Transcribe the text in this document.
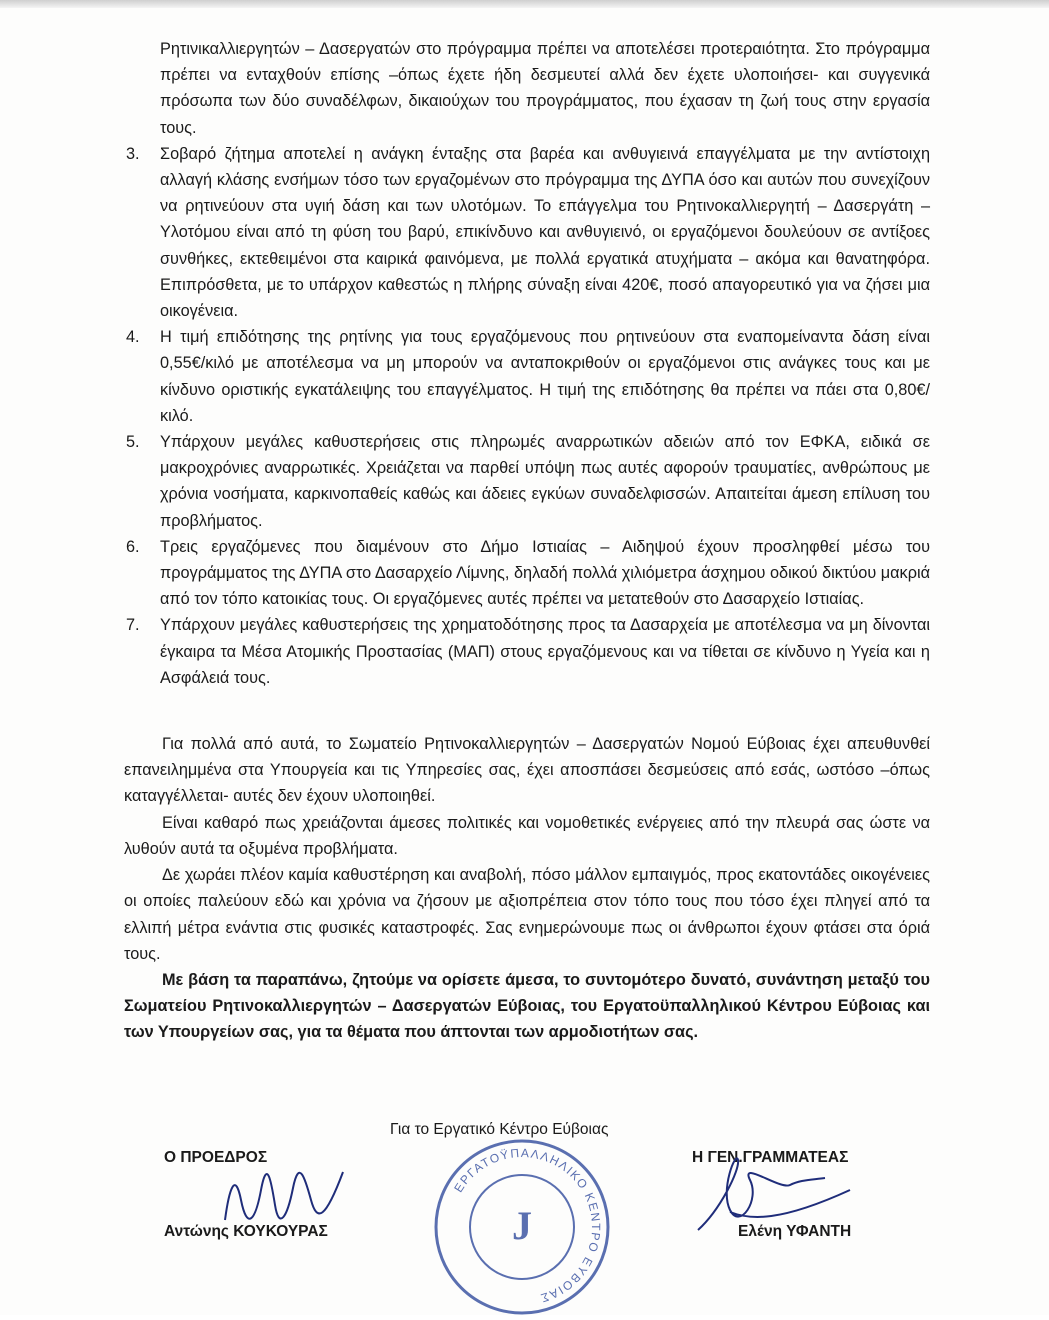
Ρητινικαλλιεργητών – Δασεργατών στο πρόγραμμα πρέπει να αποτελέσει προτεραιότητα. Στο πρόγραμμα πρέπει να ενταχθούν επίσης –όπως έχετε ήδη δεσμευτεί αλλά δεν έχετε υλοποιήσει- και συγγενικά πρόσωπα των δύο συναδέλφων, δικαιούχων του προγράμματος, που έχασαν τη ζωή τους στην εργασία τους.
3. Σοβαρό ζήτημα αποτελεί η ανάγκη ένταξης στα βαρέα και ανθυγιεινά επαγγέλματα με την αντίστοιχη αλλαγή κλάσης ενσήμων τόσο των εργαζομένων στο πρόγραμμα της ΔΥΠΑ όσο και αυτών που συνεχίζουν να ρητινεύουν στα υγιή δάση και των υλοτόμων. Το επάγγελμα του Ρητινοκαλλιεργητή – Δασεργάτη – Υλοτόμου είναι από τη φύση του βαρύ, επικίνδυνο και ανθυγιεινό, οι εργαζόμενοι δουλεύουν σε αντίξοες συνθήκες, εκτεθειμένοι στα καιρικά φαινόμενα, με πολλά εργατικά ατυχήματα – ακόμα και θανατηφόρα. Επιπρόσθετα, με το υπάρχον καθεστώς η πλήρης σύναξη είναι 420€, ποσό απαγορευτικό για να ζήσει μια οικογένεια.
4. Η τιμή επιδότησης της ρητίνης για τους εργαζόμενους που ρητινεύουν στα εναπομείναντα δάση είναι 0,55€/κιλό με αποτέλεσμα να μη μπορούν να ανταποκριθούν οι εργαζόμενοι στις ανάγκες τους και με κίνδυνο οριστικής εγκατάλειψης του επαγγέλματος. Η τιμή της επιδότησης θα πρέπει να πάει στα 0,80€/κιλό.
5. Υπάρχουν μεγάλες καθυστερήσεις στις πληρωμές αναρρωτικών αδειών από τον ΕΦΚΑ, ειδικά σε μακροχρόνιες αναρρωτικές. Χρειάζεται να παρθεί υπόψη πως αυτές αφορούν τραυματίες, ανθρώπους με χρόνια νοσήματα, καρκινοπαθείς καθώς και άδειες εγκύων συναδελφισσών. Απαιτείται άμεση επίλυση του προβλήματος.
6. Τρεις εργαζόμενες που διαμένουν στο Δήμο Ιστιαίας – Αιδηψού έχουν προσληφθεί μέσω του προγράμματος της ΔΥΠΑ στο Δασαρχείο Λίμνης, δηλαδή πολλά χιλιόμετρα άσχημου οδικού δικτύου μακριά από τον τόπο κατοικίας τους. Οι εργαζόμενες αυτές πρέπει να μετατεθούν στο Δασαρχείο Ιστιαίας.
7. Υπάρχουν μεγάλες καθυστερήσεις της χρηματοδότησης προς τα Δασαρχεία με αποτέλεσμα να μη δίνονται έγκαιρα τα Μέσα Ατομικής Προστασίας (ΜΑΠ) στους εργαζόμενους και να τίθεται σε κίνδυνο η Υγεία και η Ασφάλειά τους.

Για πολλά από αυτά, το Σωματείο Ρητινοκαλλιεργητών – Δασεργατών Νομού Εύβοιας έχει απευθυνθεί επανειλημμένα στα Υπουργεία και τις Υπηρεσίες σας, έχει αποσπάσει δεσμεύσεις από εσάς, ωστόσο –όπως καταγγέλλεται- αυτές δεν έχουν υλοποιηθεί.

Είναι καθαρό πως χρειάζονται άμεσες πολιτικές και νομοθετικές ενέργειες από την πλευρά σας ώστε να λυθούν αυτά τα οξυμένα προβλήματα.

Δε χωράει πλέον καμία καθυστέρηση και αναβολή, πόσο μάλλον εμπαιγμός, προς εκατοντάδες οικογένειες οι οποίες παλεύουν εδώ και χρόνια να ζήσουν με αξιοπρέπεια στον τόπο τους που τόσο έχει πληγεί από τα ελλιπή μέτρα ενάντια στις φυσικές καταστροφές. Σας ενημερώνουμε πως οι άνθρωποι έχουν φτάσει στα όριά τους.

Με βάση τα παραπάνω, ζητούμε να ορίσετε άμεσα, το συντομότερο δυνατό, συνάντηση μεταξύ του Σωματείου Ρητινοκαλλιεργητών – Δασεργατών Εύβοιας, του Εργατοϋπαλληλικού Κέντρου Εύβοιας και των Υπουργείων σας, για τα θέματα που άπτονται των αρμοδιοτήτων σας.

Για το Εργατικό Κέντρο Εύβοιας
Ο ΠΡΟΕΔΡΟΣ	Η ΓΕΝ.ΓΡΑΜΜΑΤΕΑΣ
Αντώνης ΚΟΥΚΟΥΡΑΣ	Ελένη ΥΦΑΝΤΗ
ΕΡΓΑΤΟΫΠΑΛΛΗΛΙΚΟ ΚΕΝΤΡΟ ΕΥΒΟΙΑΣ
J
